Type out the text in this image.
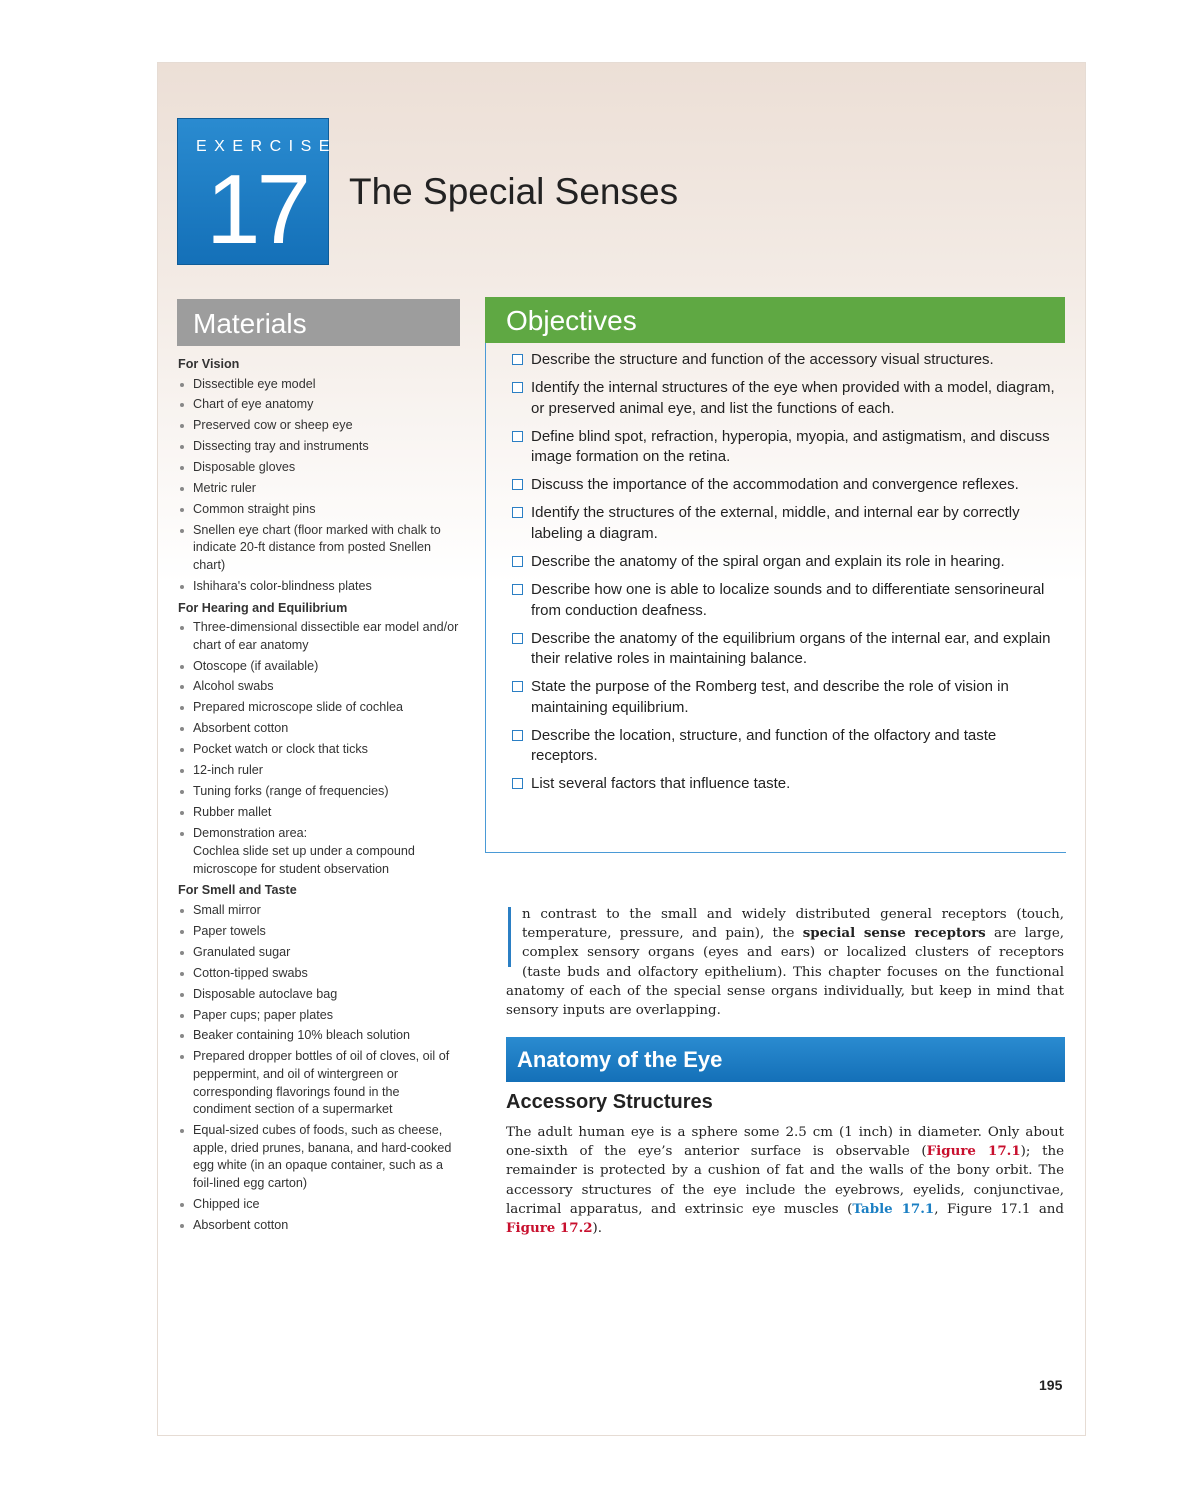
EXERCISE
17 The Special Senses
Materials
For Vision
Dissectible eye model
Chart of eye anatomy
Preserved cow or sheep eye
Dissecting tray and instruments
Disposable gloves
Metric ruler
Common straight pins
Snellen eye chart (floor marked with chalk to indicate 20-ft distance from posted Snellen chart)
Ishihara's color-blindness plates
For Hearing and Equilibrium
Three-dimensional dissectible ear model and/or chart of ear anatomy
Otoscope (if available)
Alcohol swabs
Prepared microscope slide of cochlea
Absorbent cotton
Pocket watch or clock that ticks
12-inch ruler
Tuning forks (range of frequencies)
Rubber mallet
Demonstration area:
Cochlea slide set up under a compound microscope for student observation
For Smell and Taste
Small mirror
Paper towels
Granulated sugar
Cotton-tipped swabs
Disposable autoclave bag
Paper cups; paper plates
Beaker containing 10% bleach solution
Prepared dropper bottles of oil of cloves, oil of peppermint, and oil of wintergreen or corresponding flavorings found in the condiment section of a supermarket
Equal-sized cubes of foods, such as cheese, apple, dried prunes, banana, and hard-cooked egg white (in an opaque container, such as a foil-lined egg carton)
Chipped ice
Absorbent cotton
Objectives
Describe the structure and function of the accessory visual structures.
Identify the internal structures of the eye when provided with a model, diagram, or preserved animal eye, and list the functions of each.
Define blind spot, refraction, hyperopia, myopia, and astigmatism, and discuss image formation on the retina.
Discuss the importance of the accommodation and convergence reflexes.
Identify the structures of the external, middle, and internal ear by correctly labeling a diagram.
Describe the anatomy of the spiral organ and explain its role in hearing.
Describe how one is able to localize sounds and to differentiate sensorineural from conduction deafness.
Describe the anatomy of the equilibrium organs of the internal ear, and explain their relative roles in maintaining balance.
State the purpose of the Romberg test, and describe the role of vision in maintaining equilibrium.
Describe the location, structure, and function of the olfactory and taste receptors.
List several factors that influence taste.

n contrast to the small and widely distributed general receptors (touch, temperature, pressure, and pain), the special sense receptors are large, complex sensory organs (eyes and ears) or localized clusters of receptors (taste buds and olfactory epithelium). This chapter focuses on the functional anatomy of each of the special sense organs individually, but keep in mind that sensory inputs are overlapping.

Anatomy of the Eye
Accessory Structures

The adult human eye is a sphere some 2.5 cm (1 inch) in diameter. Only about one-sixth of the eye’s anterior surface is observable (Figure 17.1); the remainder is protected by a cushion of fat and the walls of the bony orbit. The accessory structures of the eye include the eyebrows, eyelids, conjunctivae, lacrimal apparatus, and extrinsic eye muscles (Table 17.1, Figure 17.1 and Figure 17.2).

195
